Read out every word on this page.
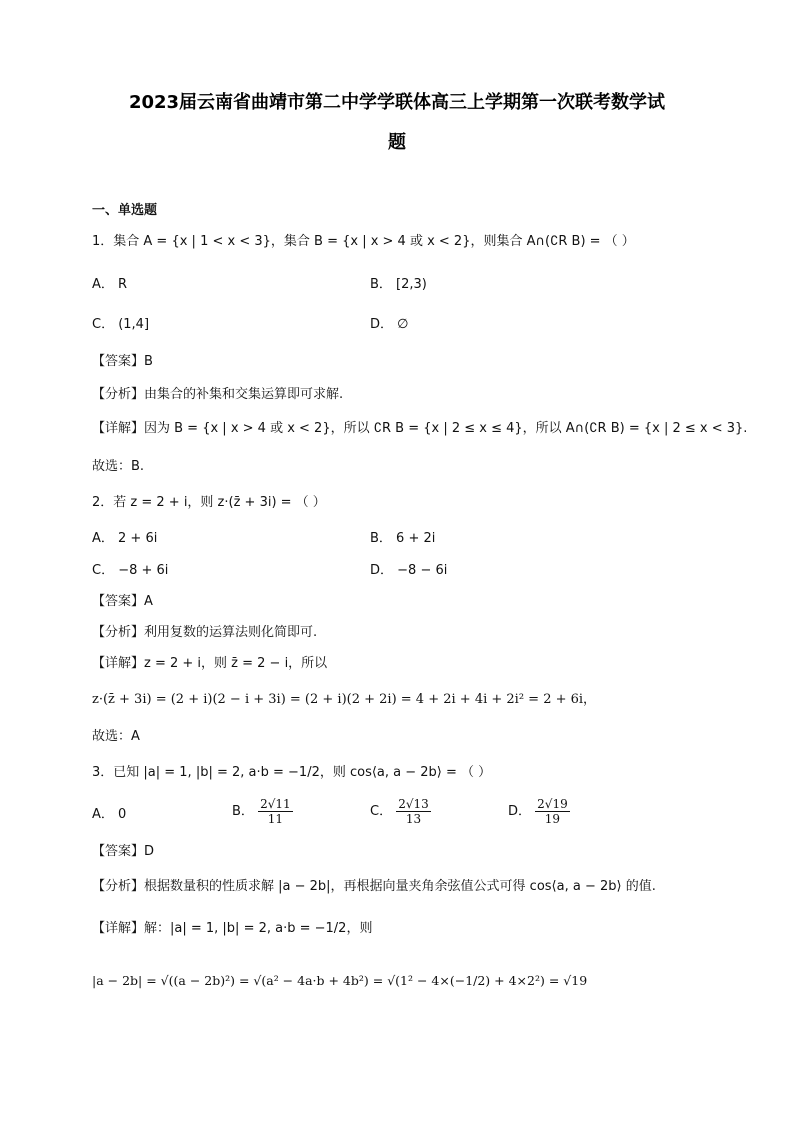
2023届云南省曲靖市第二中学学联体高三上学期第一次联考数学试
题
一、单选题
1．集合 A = {x | 1 < x < 3}，集合 B = {x | x > 4 或 x < 2}，则集合 A∩(∁R B) = （ ）
A． R	B． [2,3)
C． (1,4]	D． ∅
【答案】B
【分析】由集合的补集和交集运算即可求解.
【详解】因为 B = {x | x > 4 或 x < 2}，所以 ∁R B = {x | 2 ≤ x ≤ 4}，所以 A∩(∁R B) = {x | 2 ≤ x < 3}.
故选：B.
2．若 z = 2 + i，则 z·(z̄ + 3i) = （ ）
A． 2 + 6i	B． 6 + 2i
C． −8 + 6i	D． −8 − 6i
【答案】A
【分析】利用复数的运算法则化简即可.
【详解】z = 2 + i，则 z̄ = 2 − i，所以
z·(z̄ + 3i) = (2 + i)(2 − i + 3i) = (2 + i)(2 + 2i) = 4 + 2i + 4i + 2i² = 2 + 6i，
故选：A
3．已知 |a| = 1, |b| = 2, a·b = −1/2，则 cos⟨a, a − 2b⟩ = （ ）
A． 0	B． $\frac{2√11}{11}$	C． $\frac{2√13}{13}$	D． $\frac{2√19}{19}$
【答案】D
【分析】根据数量积的性质求解 |a − 2b|，再根据向量夹角余弦值公式可得 cos⟨a, a − 2b⟩ 的值.
【详解】解：|a| = 1, |b| = 2, a·b = −1/2，则
|a − 2b| = √((a − 2b)²) = √(a² − 4a·b + 4b²) = √(1² − 4×(−1/2) + 4×2²) = √19
